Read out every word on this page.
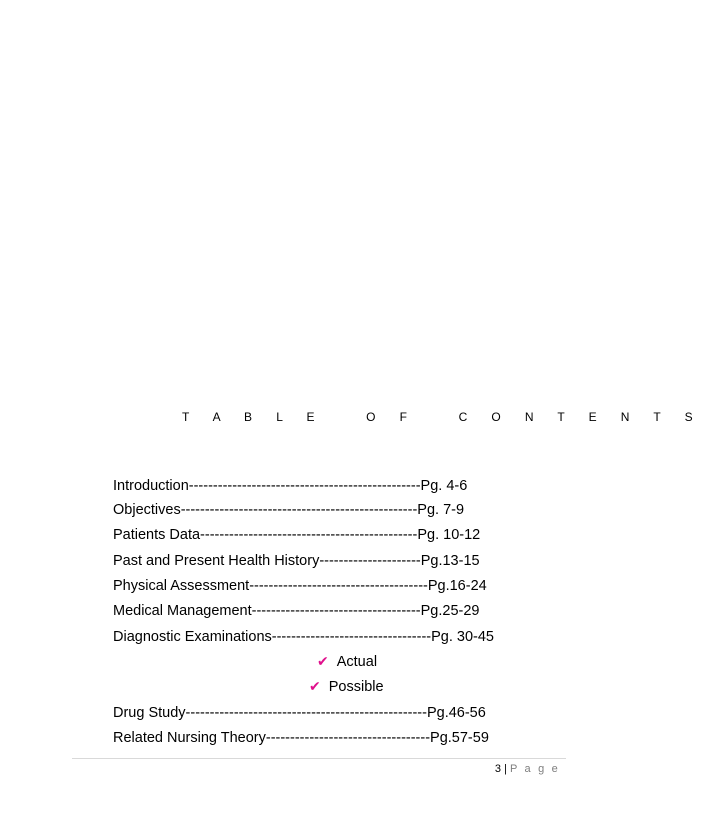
T A B L E   O F   C O N T E N T S
Introduction------------------------------------------------Pg. 4-6
Objectives-------------------------------------------------Pg. 7-9
Patients Data---------------------------------------------Pg. 10-12
Past and Present Health History---------------------Pg.13-15
Physical Assessment-------------------------------------Pg.16-24
Medical Management-----------------------------------Pg.25-29
Diagnostic Examinations---------------------------------Pg. 30-45
✔ Actual
✔ Possible
Drug Study--------------------------------------------------Pg.46-56
Related Nursing Theory----------------------------------Pg.57-59
3 | P a g e
